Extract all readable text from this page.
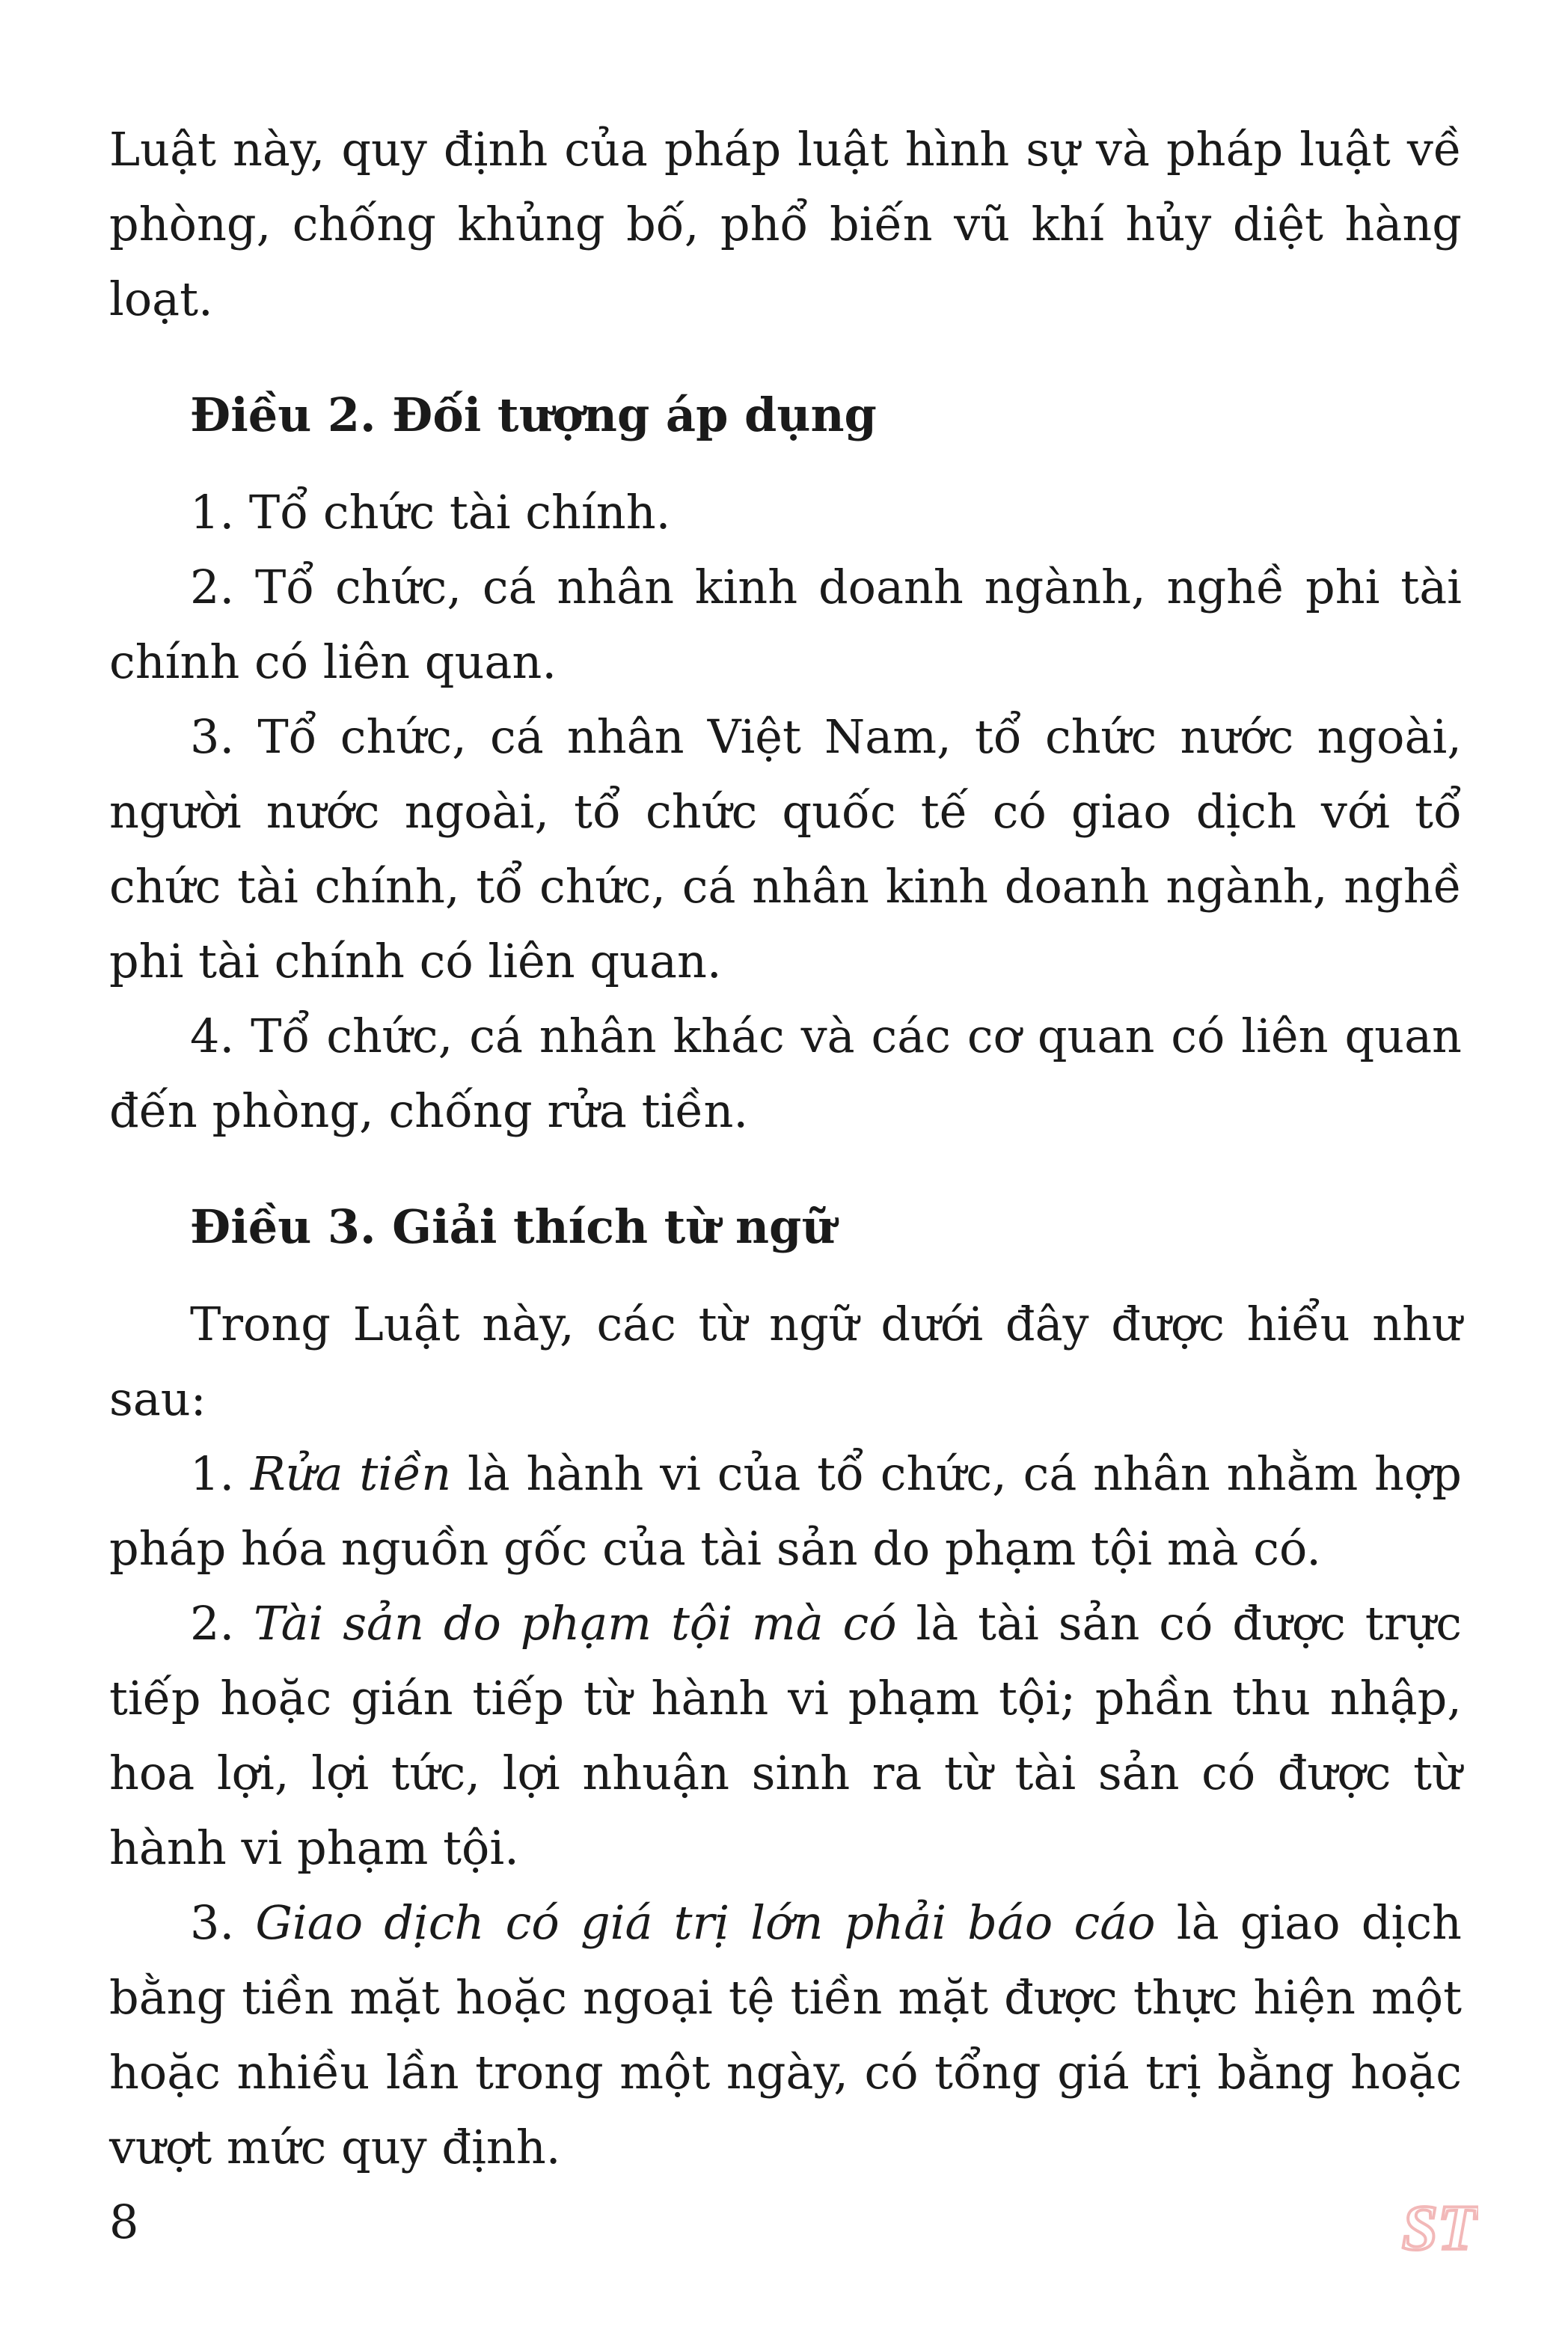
Luật này, quy định của pháp luật hình sự và pháp luật về phòng, chống khủng bố, phổ biến vũ khí hủy diệt hàng loạt.

Điều 2. Đối tượng áp dụng

1. Tổ chức tài chính.

2. Tổ chức, cá nhân kinh doanh ngành, nghề phi tài chính có liên quan.

3. Tổ chức, cá nhân Việt Nam, tổ chức nước ngoài, người nước ngoài, tổ chức quốc tế có giao dịch với tổ chức tài chính, tổ chức, cá nhân kinh doanh ngành, nghề phi tài chính có liên quan.

4. Tổ chức, cá nhân khác và các cơ quan có liên quan đến phòng, chống rửa tiền.

Điều 3. Giải thích từ ngữ

Trong Luật này, các từ ngữ dưới đây được hiểu như sau:

1. Rửa tiền là hành vi của tổ chức, cá nhân nhằm hợp pháp hóa nguồn gốc của tài sản do phạm tội mà có.

2. Tài sản do phạm tội mà có là tài sản có được trực tiếp hoặc gián tiếp từ hành vi phạm tội; phần thu nhập, hoa lợi, lợi tức, lợi nhuận sinh ra từ tài sản có được từ hành vi phạm tội.

3. Giao dịch có giá trị lớn phải báo cáo là giao dịch bằng tiền mặt hoặc ngoại tệ tiền mặt được thực hiện một hoặc nhiều lần trong một ngày, có tổng giá trị bằng hoặc vượt mức quy định.

8	ST
